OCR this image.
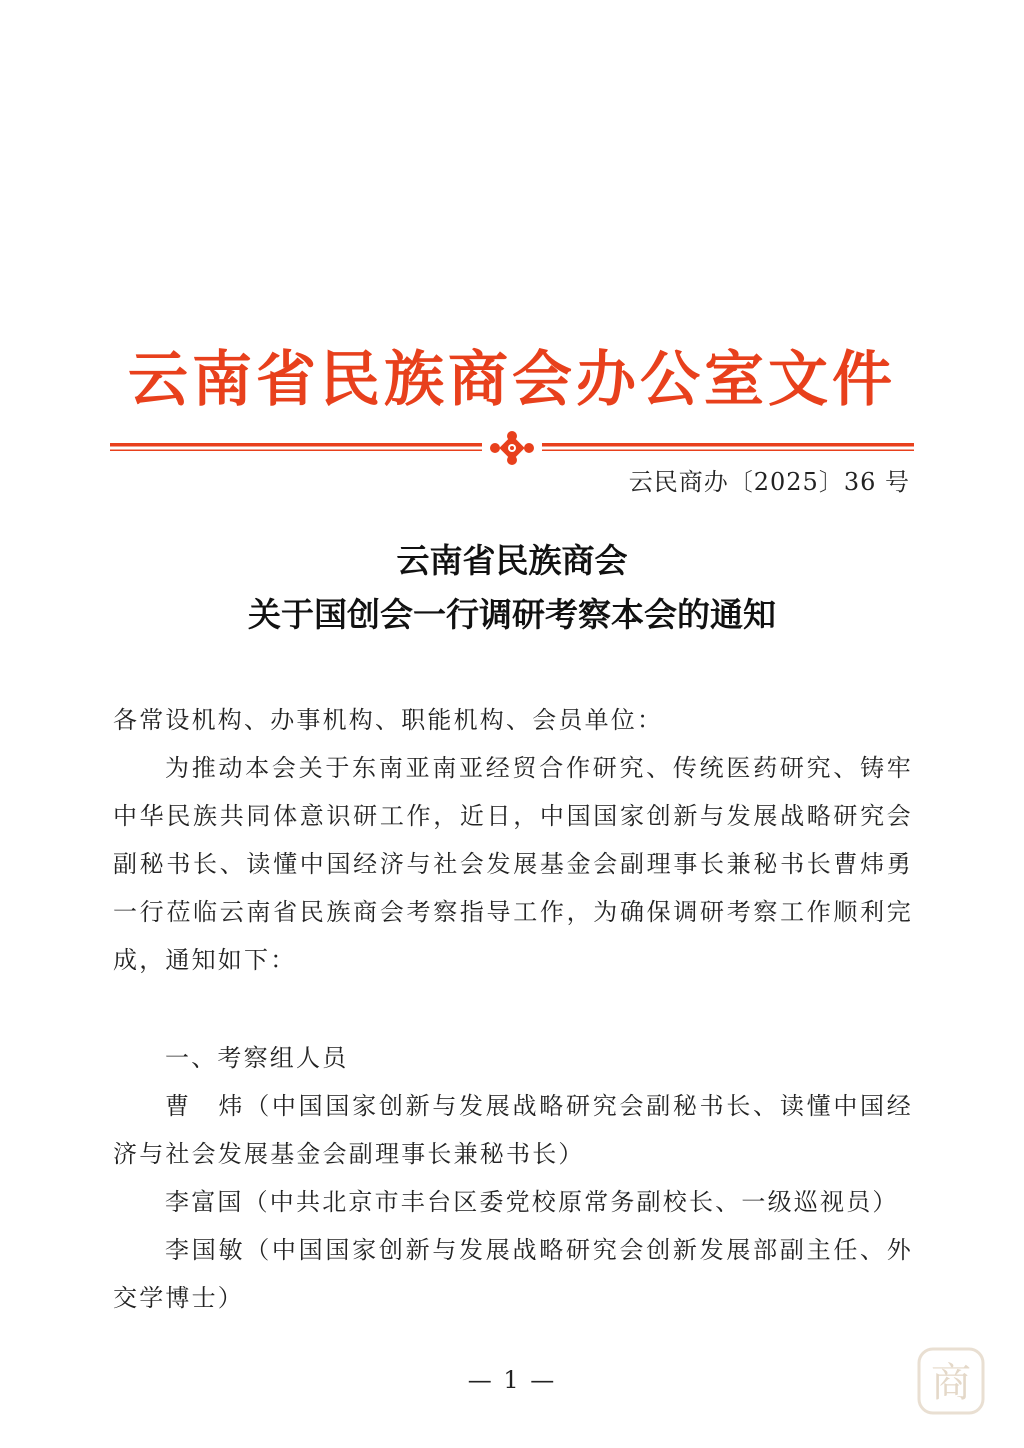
云南省民族商会办公室文件
云民商办〔2025〕36 号
云南省民族商会
关于国创会一行调研考察本会的通知

各常设机构、办事机构、职能机构、会员单位：

为推动本会关于东南亚南亚经贸合作研究、传统医药研究、铸牢中华民族共同体意识研工作，近日，中国国家创新与发展战略研究会副秘书长、读懂中国经济与社会发展基金会副理事长兼秘书长曹炜勇一行莅临云南省民族商会考察指导工作，为确保调研考察工作顺利完成，通知如下：

一、考察组人员

曹　炜（中国国家创新与发展战略研究会副秘书长、读懂中国经济与社会发展基金会副理事长兼秘书长）

李富国（中共北京市丰台区委党校原常务副校长、一级巡视员）

李国敏（中国国家创新与发展战略研究会创新发展部副主任、外交学博士）

— 1 —	商
